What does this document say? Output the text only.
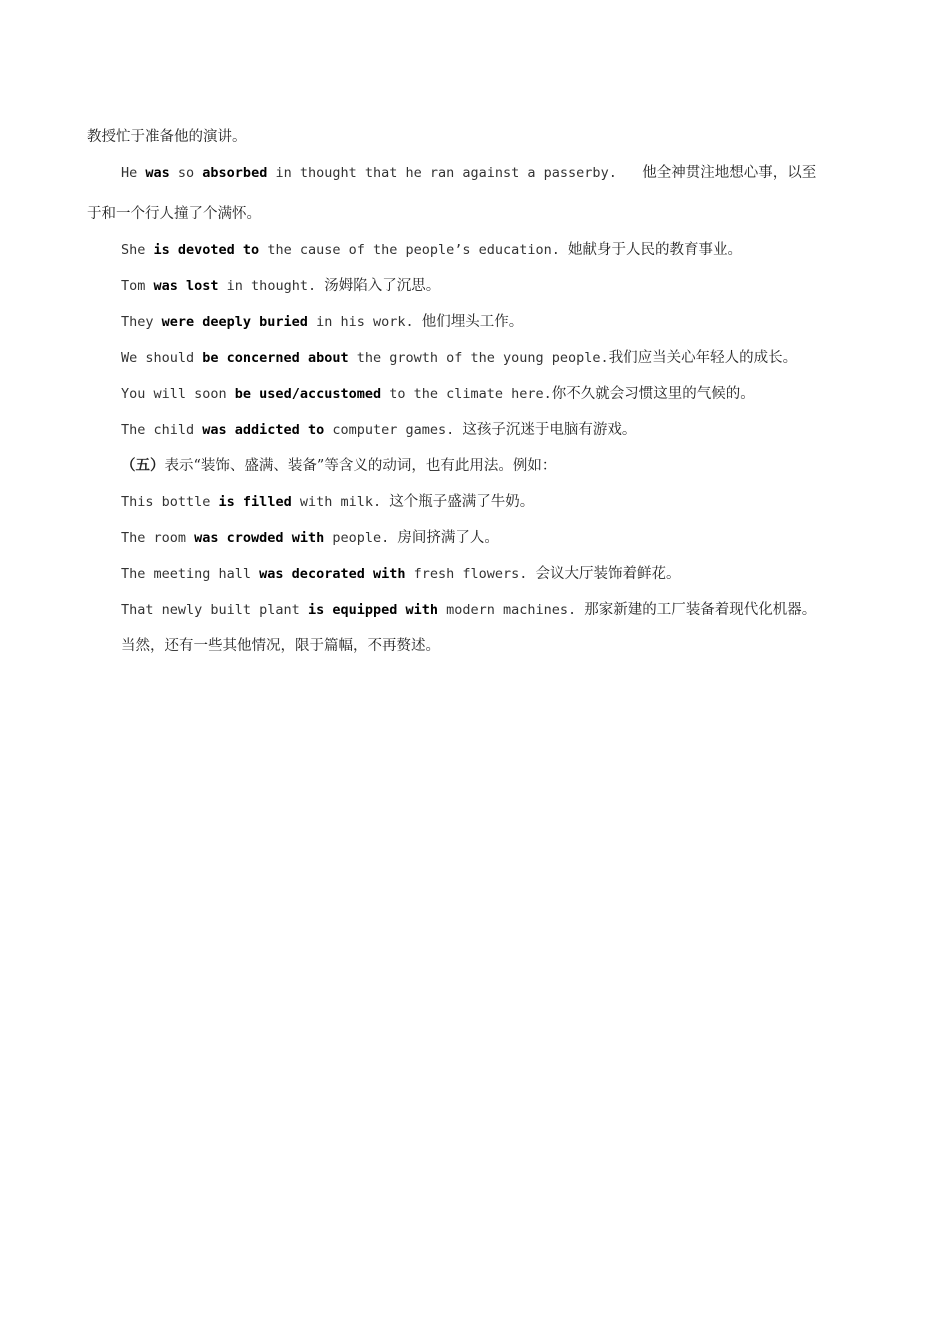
教授忙于准备他的演讲。
He was so absorbed in thought that he ran against a passerby.    他全神贯注地想心事，以至
于和一个行人撞了个满怀。
She is devoted to the cause of the people’s education. 她献身于人民的教育事业。
Tom was lost in thought. 汤姆陷入了沉思。
They were deeply buried in his work. 他们埋头工作。
We should be concerned about the growth of the young people.我们应当关心年轻人的成长。
You will soon be used/accustomed to the climate here.你不久就会习惯这里的气候的。
The child was addicted to computer games. 这孩子沉迷于电脑有游戏。
（五）表示“装饰、盛满、装备”等含义的动词，也有此用法。例如：
This bottle is filled with milk. 这个瓶子盛满了牛奶。
The room was crowded with people. 房间挤满了人。
The meeting hall was decorated with fresh flowers. 会议大厅装饰着鲜花。
That newly built plant is equipped with modern machines. 那家新建的工厂装备着现代化机器。
当然，还有一些其他情况，限于篇幅，不再赘述。
